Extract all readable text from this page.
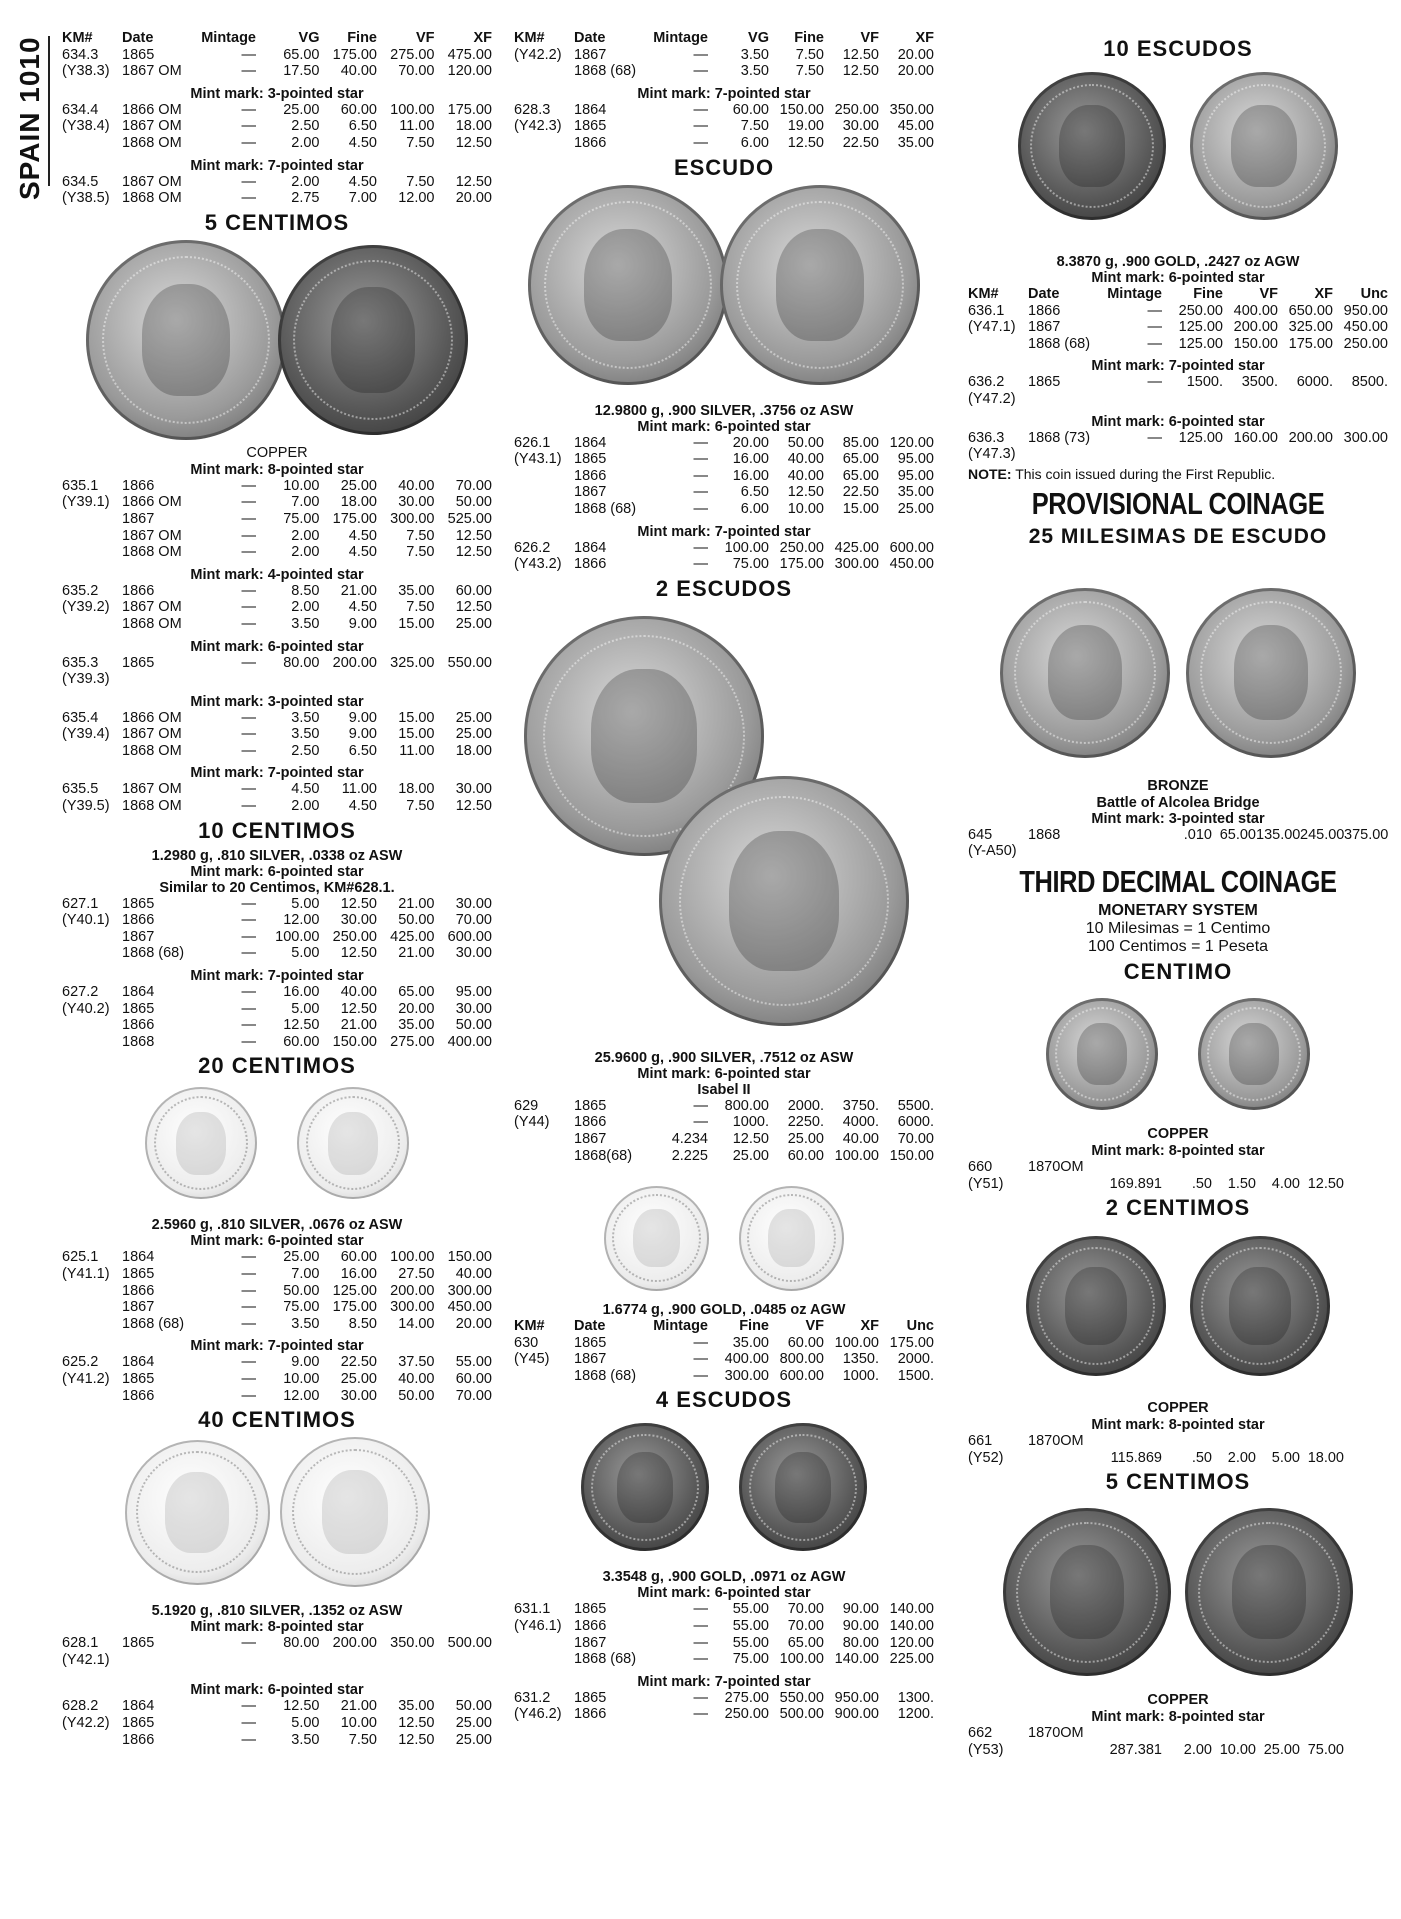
SPAIN 1010 KM#	Date	Mintage	VG	Fine	VF	XF
634.3	1865	—	65.00 175.00 275.00 475.00
(Y38.3) 1867 OM	—	17.50	40.00	70.00 120.00
Mint mark: 3-pointed star
634.4	1866 OM	—	25.00	60.00 100.00 175.00
(Y38.4) 1867 OM	—	2.50	6.50	11.00	18.00
1868 OM	—	2.00	4.50	7.50	12.50
Mint mark: 7-pointed star
634.5	1867 OM	—	2.00	4.50	7.50	12.50
(Y38.5) 1868 OM	—	2.75	7.00	12.00	20.00
5 CENTIMOS
COPPER
Mint mark: 8-pointed star
635.1	1866	—	10.00	25.00	40.00	70.00
(Y39.1) 1866 OM	—	7.00	18.00	30.00	50.00
1867	—	75.00 175.00 300.00 525.00
1867 OM	—	2.00	4.50	7.50	12.50
1868 OM	—	2.00	4.50	7.50	12.50
Mint mark: 4-pointed star
635.2	1866	—	8.50	21.00	35.00	60.00
(Y39.2) 1867 OM	—	2.00	4.50	7.50	12.50
1868 OM	—	3.50	9.00	15.00	25.00
Mint mark: 6-pointed star
635.3	1865	—	80.00 200.00 325.00 550.00
(Y39.3)
Mint mark: 3-pointed star
635.4	1866 OM	—	3.50	9.00	15.00	25.00
(Y39.4) 1867 OM	—	3.50	9.00	15.00	25.00
1868 OM	—	2.50	6.50	11.00	18.00
Mint mark: 7-pointed star
635.5	1867 OM	—	4.50	11.00	18.00	30.00
(Y39.5) 1868 OM	—	2.00	4.50	7.50	12.50
10 CENTIMOS
1.2980 g, .810 SILVER, .0338 oz ASW
Mint mark: 6-pointed star
Similar to 20 Centimos, KM#628.1.
627.1	1865	—	5.00	12.50	21.00	30.00
(Y40.1) 1866	—	12.00	30.00	50.00	70.00
1867	—	100.00 250.00 425.00 600.00
1868 (68)	—	5.00	12.50	21.00	30.00
Mint mark: 7-pointed star
627.2	1864	—	16.00	40.00	65.00	95.00
(Y40.2) 1865	—	5.00	12.50	20.00	30.00
1866	—	12.50	21.00	35.00	50.00
1868	—	60.00 150.00 275.00 400.00
20 CENTIMOS
2.5960 g, .810 SILVER, .0676 oz ASW
Mint mark: 6-pointed star
625.1	1864	—	25.00	60.00 100.00 150.00
(Y41.1) 1865	—	7.00	16.00	27.50	40.00
1866	—	50.00 125.00 200.00 300.00
1867	—	75.00 175.00 300.00 450.00
1868 (68)	—	3.50	8.50	14.00	20.00
Mint mark: 7-pointed star
625.2	1864	—	9.00	22.50	37.50	55.00
(Y41.2) 1865	—	10.00	25.00	40.00	60.00
1866	—	12.00	30.00	50.00	70.00
40 CENTIMOS
5.1920 g, .810 SILVER, .1352 oz ASW
Mint mark: 8-pointed star
628.1	1865	—	80.00 200.00 350.00 500.00
(Y42.1)
Mint mark: 6-pointed star
628.2	1864	—	12.50	21.00	35.00	50.00
(Y42.2) 1865	—	5.00	10.00	12.50	25.00
1866	—	3.50	7.50	12.50	25.00
KM#	Date	Mintage	VG	Fine	VF	XF
(Y42.2) 1867	—	3.50	7.50	12.50	20.00
1868 (68)	—	3.50	7.50	12.50	20.00
Mint mark: 7-pointed star
628.3	1864	—	60.00 150.00 250.00 350.00
(Y42.3) 1865	—	7.50	19.00	30.00	45.00
1866	—	6.00	12.50	22.50	35.00
ESCUDO
12.9800 g, .900 SILVER, .3756 oz ASW
Mint mark: 6-pointed star
626.1	1864	—	20.00	50.00	85.00 120.00
(Y43.1) 1865	—	16.00	40.00	65.00	95.00
1866	—	16.00	40.00	65.00	95.00
1867	—	6.50	12.50	22.50	35.00
1868 (68)	—	6.00	10.00	15.00	25.00
Mint mark: 7-pointed star
626.2	1864	—	100.00 250.00 425.00 600.00
(Y43.2) 1866	—	75.00 175.00 300.00 450.00
2 ESCUDOS
25.9600 g, .900 SILVER, .7512 oz ASW
Mint mark: 6-pointed star
Isabel II
629	1865	—	800.00	2000.	3750.	5500.
(Y44)	1866	—	1000.	2250.	4000.	6000.
1867	4.234	12.50	25.00	40.00	70.00
1868(68)	2.225	25.00	60.00 100.00 150.00
1.6774 g, .900 GOLD, .0485 oz AGW
KM#	Date	Mintage	Fine	VF	XF	Unc
630	1865	—	35.00	60.00 100.00 175.00
(Y45)	1867	—	400.00 800.00	1350.	2000.
1868 (68)	—	300.00 600.00	1000.	1500.
4 ESCUDOS
3.3548 g, .900 GOLD, .0971 oz AGW
Mint mark: 6-pointed star
631.1	1865	—	55.00	70.00	90.00 140.00
(Y46.1) 1866	—	55.00	70.00	90.00 140.00
1867	—	55.00	65.00	80.00 120.00
1868 (68)	—	75.00 100.00 140.00 225.00
Mint mark: 7-pointed star
631.2	1865	—	275.00 550.00 950.00	1300.
(Y46.2) 1866	—	250.00 500.00 900.00	1200.
10 ESCUDOS
8.3870 g, .900 GOLD, .2427 oz AGW
Mint mark: 6-pointed star
KM#	Date	Mintage	Fine	VF	XF	Unc
636.1	1866	—	250.00 400.00 650.00 950.00
(Y47.1) 1867	—	125.00 200.00 325.00 450.00
1868 (68)	—	125.00 150.00 175.00 250.00
Mint mark: 7-pointed star
636.2	1865	—	1500.	3500.	6000.	8500.
(Y47.2)
Mint mark: 6-pointed star
636.3	1868 (73)	—	125.00 160.00 200.00 300.00
(Y47.3)
NOTE: This coin issued during the First Republic.
PROVISIONAL COINAGE
25 MILESIMAS DE ESCUDO
BRONZE
Battle of Alcolea Bridge
Mint mark: 3-pointed star
645	1868	.010 65.00 135.00 245.00 375.00
(Y-A50)
THIRD DECIMAL COINAGE
MONETARY SYSTEM
10 Milesimas = 1 Centimo
100 Centimos = 1 Peseta
CENTIMO
COPPER
Mint mark: 8-pointed star
660	1870OM
(Y51)	169.891	.50	1.50	4.00 12.50
2 CENTIMOS
COPPER
Mint mark: 8-pointed star
661	1870OM
(Y52)	115.869	.50	2.00	5.00 18.00
5 CENTIMOS
COPPER
Mint mark: 8-pointed star
662	1870OM
(Y53)	287.381	2.00 10.00 25.00 75.00
